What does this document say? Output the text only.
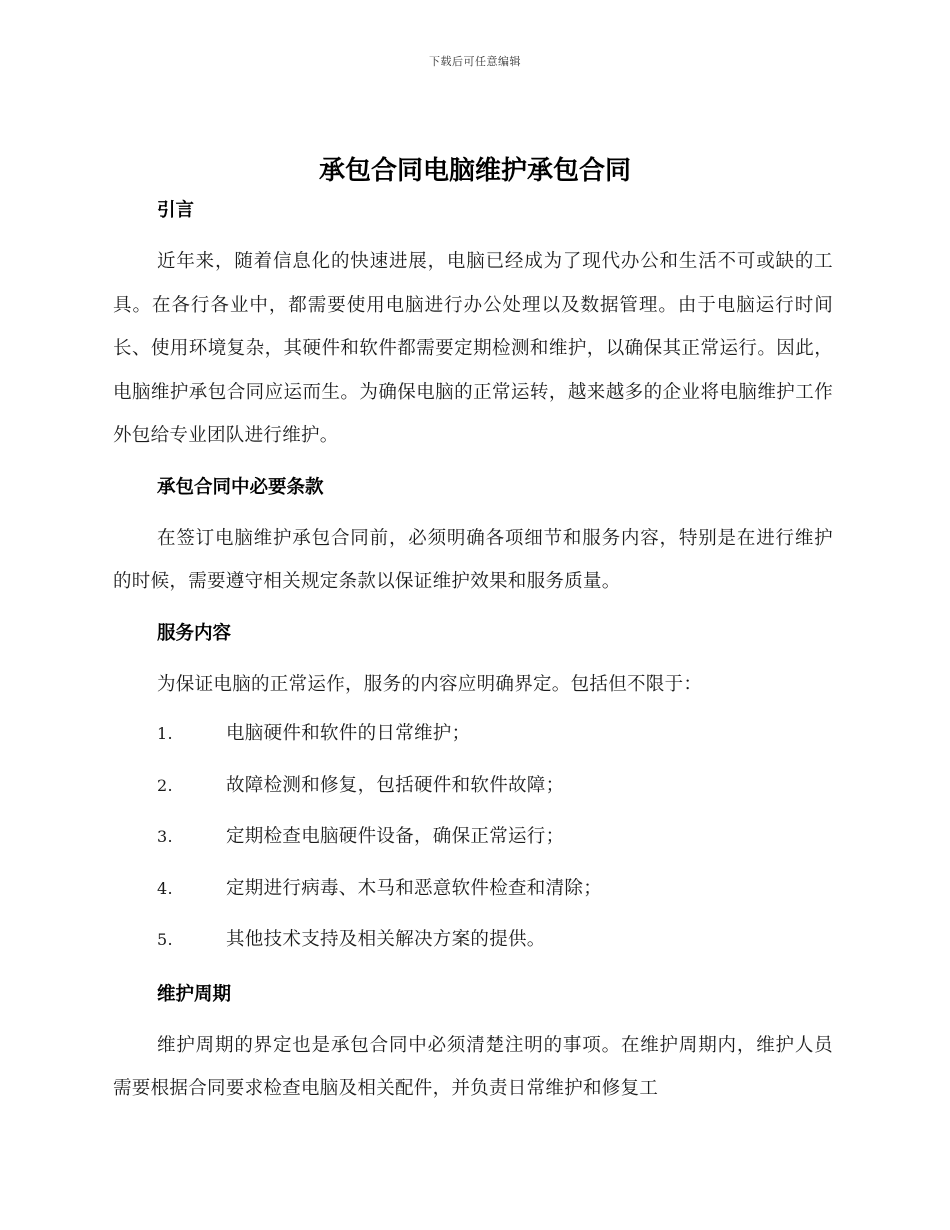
下载后可任意编辑
承包合同电脑维护承包合同
引言

近年来，随着信息化的快速进展，电脑已经成为了现代办公和生活不可或缺的工具。在各行各业中，都需要使用电脑进行办公处理以及数据管理。由于电脑运行时间长、使用环境复杂，其硬件和软件都需要定期检测和维护，以确保其正常运行。因此，电脑维护承包合同应运而生。为确保电脑的正常运转，越来越多的企业将电脑维护工作外包给专业团队进行维护。

承包合同中必要条款

在签订电脑维护承包合同前，必须明确各项细节和服务内容，特别是在进行维护的时候，需要遵守相关规定条款以保证维护效果和服务质量。

服务内容

为保证电脑的正常运作，服务的内容应明确界定。包括但不限于：

1.	电脑硬件和软件的日常维护；
2.	故障检测和修复，包括硬件和软件故障；
3.	定期检查电脑硬件设备，确保正常运行；
4.	定期进行病毒、木马和恶意软件检查和清除；
5.	其他技术支持及相关解决方案的提供。
维护周期

维护周期的界定也是承包合同中必须清楚注明的事项。在维护周期内，维护人员需要根据合同要求检查电脑及相关配件，并负责日常维护和修复工
